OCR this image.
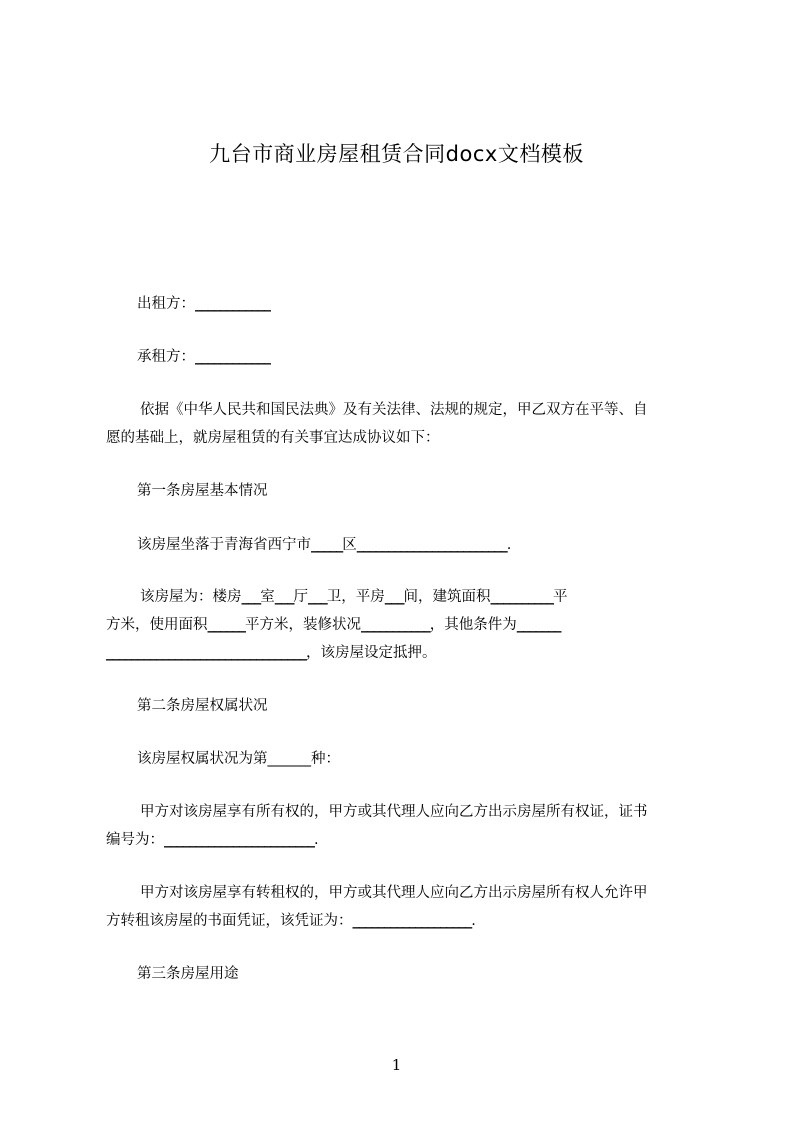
九台市商业房屋租赁合同docx文档模板
出租方：____________
承租方：____________
依据《中华人民共和国民法典》及有关法律、法规的规定，甲乙双方在平等、自
愿的基础上，就房屋租赁的有关事宜达成协议如下：
第一条房屋基本情况
该房屋坐落于青海省西宁市_____区________________________.
该房屋为：楼房___室___厅___卫，平房___间，建筑面积__________平
方米，使用面积______平方米，装修状况___________，其他条件为_______
________________________________，该房屋设定抵押。
第二条房屋权属状况
该房屋权属状况为第______种：
甲方对该房屋享有所有权的，甲方或其代理人应向乙方出示房屋所有权证，证书
编号为：________________________.
甲方对该房屋享有转租权的，甲方或其代理人应向乙方出示房屋所有权人允许甲
方转租该房屋的书面凭证，该凭证为：___________________.
第三条房屋用途
1
